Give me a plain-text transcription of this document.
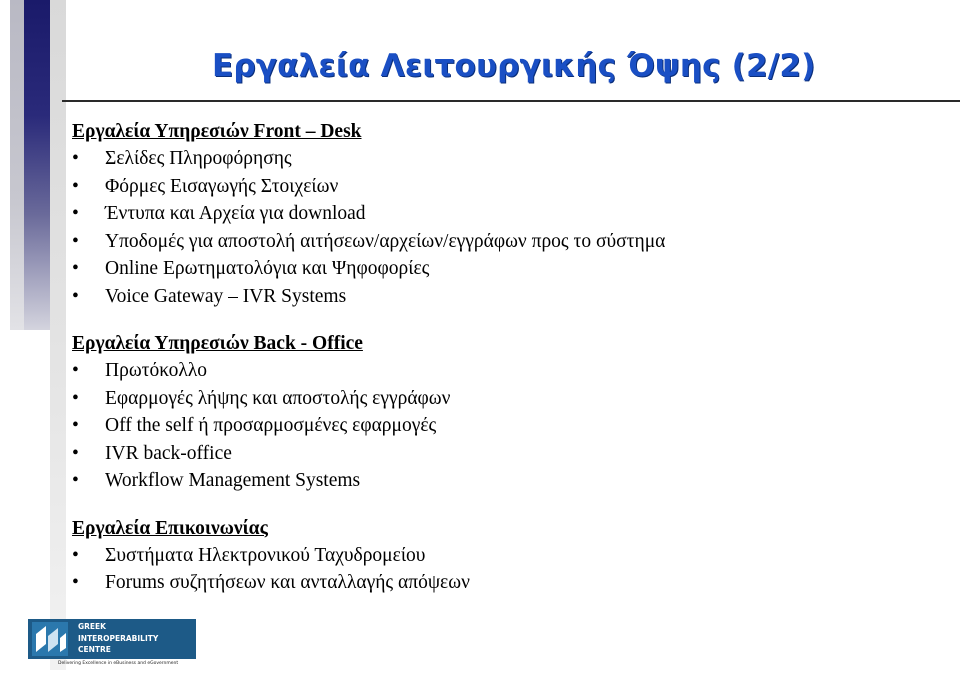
Εργαλεία Λειτουργικής Όψης (2/2)
Εργαλεία Υπηρεσιών Front – Desk
• Σελίδες Πληροφόρησης
• Φόρμες Εισαγωγής Στοιχείων
• Έντυπα και Αρχεία για download
• Υποδομές για αποστολή αιτήσεων/αρχείων/εγγράφων προς το σύστημα
• Online Ερωτηματολόγια και Ψηφοφορίες
• Voice Gateway – IVR Systems
Εργαλεία Υπηρεσιών Back - Office
• Πρωτόκολλο
• Εφαρμογές λήψης και αποστολής εγγράφων
• Off the self ή προσαρμοσμένες εφαρμογές
• IVR back-office
• Workflow Management Systems
Εργαλεία Επικοινωνίας
• Συστήματα Ηλεκτρονικού Ταχυδρομείου
• Forums συζητήσεων και ανταλλαγής απόψεων
GREEK
INTEROPERABILITY
CENTRE
Delivering Excellence in eBusiness and eGovernment
